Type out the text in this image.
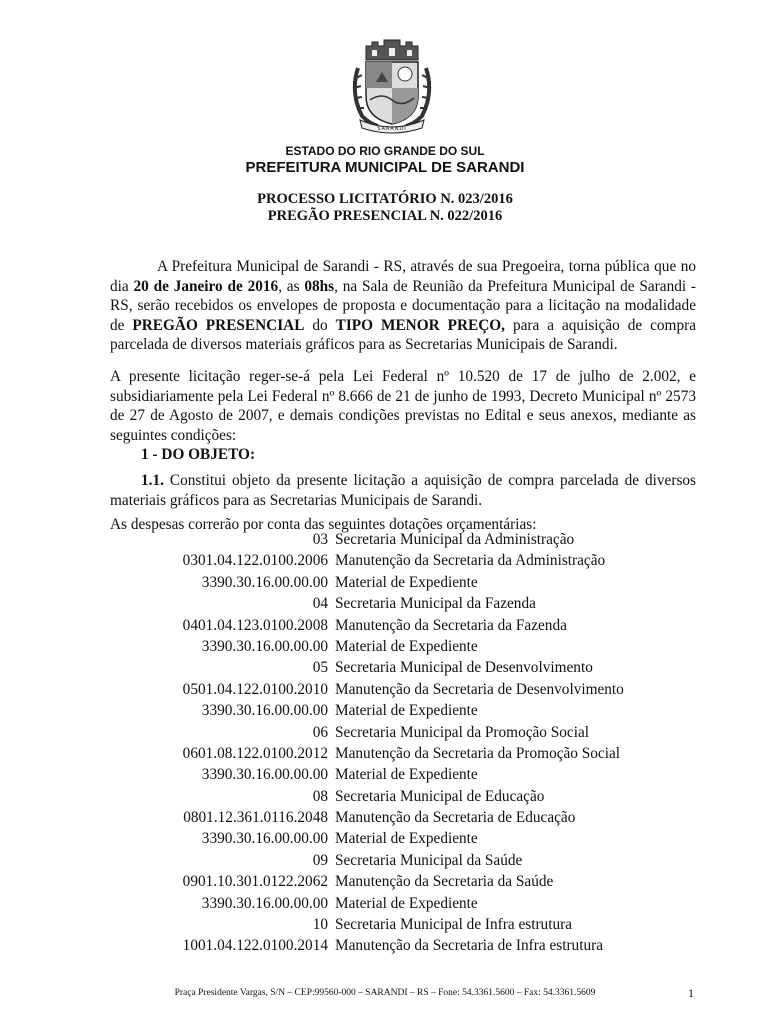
SARANDI
ESTADO DO RIO GRANDE DO SUL
PREFEITURA MUNICIPAL DE SARANDI
PROCESSO LICITATÓRIO N. 023/2016
PREGÃO PRESENCIAL N. 022/2016
A Prefeitura Municipal de Sarandi - RS, através de sua Pregoeira, torna pública que no dia 20 de Janeiro de 2016, as 08hs, na Sala de Reunião da Prefeitura Municipal de Sarandi - RS, serão recebidos os envelopes de proposta e documentação para a licitação na modalidade de PREGÃO PRESENCIAL do TIPO MENOR PREÇO, para a aquisição de compra parcelada de diversos materiais gráficos para as Secretarias Municipais de Sarandi.
A presente licitação reger-se-á pela Lei Federal nº 10.520 de 17 de julho de 2.002, e subsidiariamente pela Lei Federal nº 8.666 de 21 de junho de 1993, Decreto Municipal nº 2573 de 27 de Agosto de 2007, e demais condições previstas no Edital e seus anexos, mediante as seguintes condições:
1 - DO OBJETO:
1.1. Constitui objeto da presente licitação a aquisição de compra parcelada de diversos materiais gráficos para as Secretarias Municipais de Sarandi.
As despesas correrão por conta das seguintes dotações orçamentárias:
03 Secretaria Municipal da Administração
0301.04.122.0100.2006 Manutenção da Secretaria da Administração
3390.30.16.00.00.00 Material de Expediente
04 Secretaria Municipal da Fazenda
0401.04.123.0100.2008 Manutenção da Secretaria da Fazenda
3390.30.16.00.00.00 Material de Expediente
05 Secretaria Municipal de Desenvolvimento
0501.04.122.0100.2010 Manutenção da Secretaria de Desenvolvimento
3390.30.16.00.00.00 Material de Expediente
06 Secretaria Municipal da Promoção Social
0601.08.122.0100.2012 Manutenção da Secretaria da Promoção Social
3390.30.16.00.00.00 Material de Expediente
08 Secretaria Municipal de Educação
0801.12.361.0116.2048 Manutenção da Secretaria de Educação
3390.30.16.00.00.00 Material de Expediente
09 Secretaria Municipal da Saúde
0901.10.301.0122.2062 Manutenção da Secretaria da Saúde
3390.30.16.00.00.00 Material de Expediente
10 Secretaria Municipal de Infra estrutura
1001.04.122.0100.2014 Manutenção da Secretaria de Infra estrutura
Praça Presidente Vargas, S/N – CEP:99560-000 – SARANDI – RS – Fone: 54.3361.5600 – Fax: 54.3361.5609	1
